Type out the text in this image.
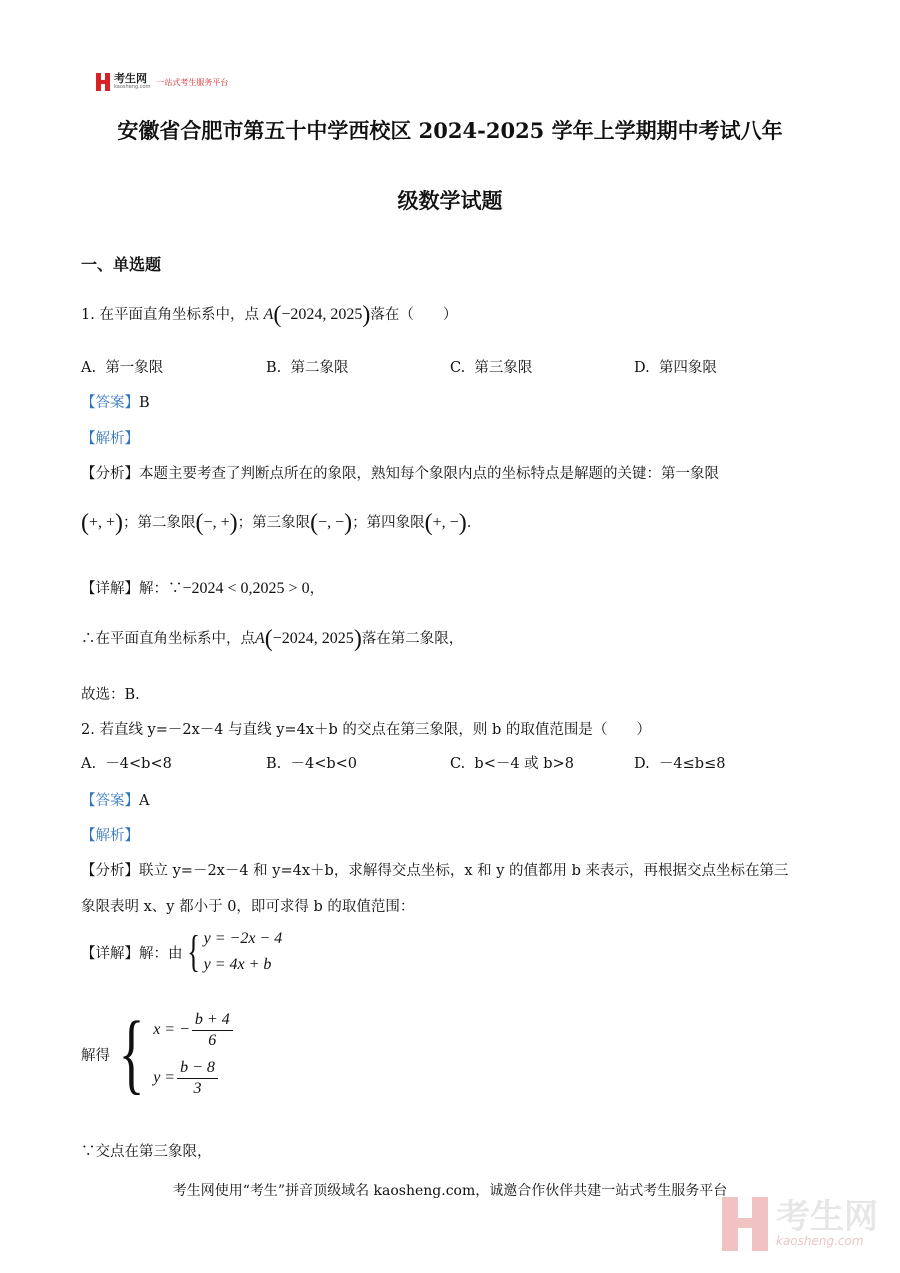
考生网
kaosheng.com 一站式考生服务平台
安徽省合肥市第五十中学西校区 2024-2025 学年上学期期中考试八年
级数学试题
一、单选题
1. 在平面直角坐标系中，点 A(−2024, 2025)落在（　　）
A. 第一象限	B. 第二象限	C. 第三象限	D. 第四象限
【答案】B
【解析】
【分析】本题主要考查了判断点所在的象限，熟知每个象限内点的坐标特点是解题的关键：第一象限
(+, +)；第二象限(−, +)；第三象限(−, −)；第四象限(+, −).
【详解】解：∵−2024 < 0,2025 > 0，
∴在平面直角坐标系中，点A(−2024, 2025)落在第二象限，
故选：B.
2. 若直线 y=－2x－4 与直线 y=4x＋b 的交点在第三象限，则 b 的取值范围是（　　）
A. －4<b<8	B. －4<b<0	C. b<－4 或 b>8	D. －4≤b≤8
【答案】A
【解析】
【分析】联立 y=－2x－4 和 y=4x＋b，求解得交点坐标，x 和 y 的值都用 b 来表示，再根据交点坐标在第三
象限表明 x、y 都小于 0，即可求得 b 的取值范围：
【详解】解：由 { y = −2x − 4
y = 4x + b
解得 { x = − $\frac{b + 4}{6}$
$y = \frac{b - 8}{3}$
∵交点在第三象限，
考生网使用“考生”拼音顶级域名 kaosheng.com，诚邀合作伙伴共建一站式考生服务平台
考生网
kaosheng.com
